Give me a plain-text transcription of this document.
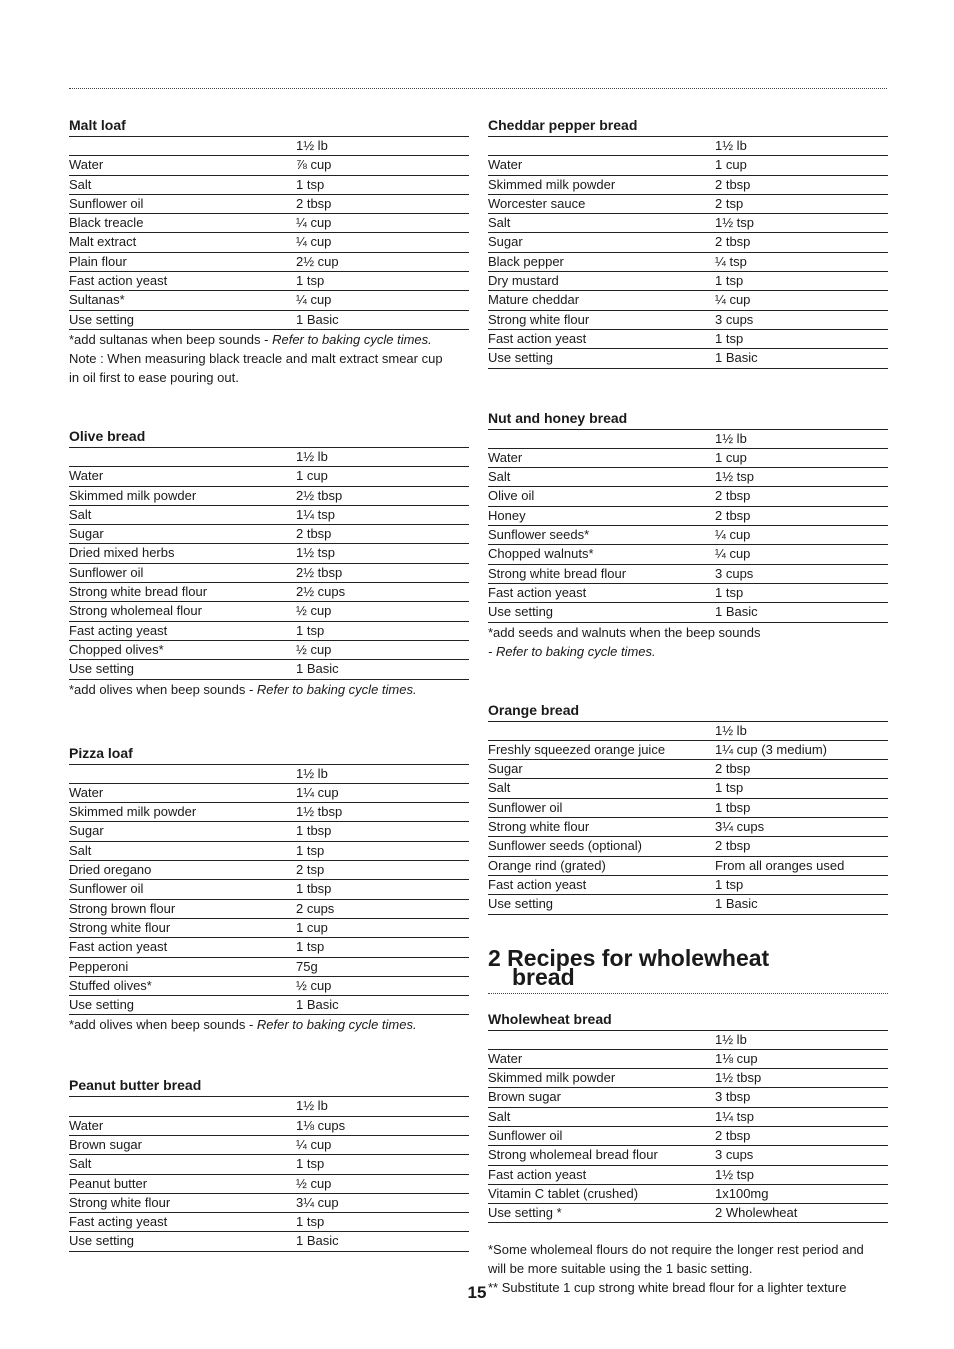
Malt loaf
1½ lb
Water	⅞ cup
Salt	1 tsp
Sunflower oil	2 tbsp
Black treacle	¼ cup
Malt extract	¼ cup
Plain flour	2½ cup
Fast action yeast	1 tsp
Sultanas*	¼ cup
Use setting	1 Basic
*add sultanas when beep sounds - Refer to baking cycle times.
Note : When measuring black treacle and malt extract smear cup
in oil first to ease pouring out.
Olive bread
1½ lb
Water	1 cup
Skimmed milk powder	2½ tbsp
Salt	1¼ tsp
Sugar	2 tbsp
Dried mixed herbs	1½ tsp
Sunflower oil	2½ tbsp
Strong white bread flour	2½ cups
Strong wholemeal flour	½ cup
Fast acting yeast	1 tsp
Chopped olives*	½ cup
Use setting	1 Basic
*add olives when beep sounds - Refer to baking cycle times.
Pizza loaf
1½ lb
Water	1¼ cup
Skimmed milk powder	1½ tbsp
Sugar	1 tbsp
Salt	1 tsp
Dried oregano	2 tsp
Sunflower oil	1 tbsp
Strong brown flour	2 cups
Strong white flour	1 cup
Fast action yeast	1 tsp
Pepperoni	75g
Stuffed olives*	½ cup
Use setting	1 Basic
*add olives when beep sounds - Refer to baking cycle times.
Peanut butter bread
1½ lb
Water	1⅛ cups
Brown sugar	¼ cup
Salt	1 tsp
Peanut butter	½ cup
Strong white flour	3¼ cup
Fast acting yeast	1 tsp
Use setting	1 Basic
Cheddar pepper bread
1½ lb
Water	1 cup
Skimmed milk powder	2 tbsp
Worcester sauce	2 tsp
Salt	1½ tsp
Sugar	2 tbsp
Black pepper	¼ tsp
Dry mustard	1 tsp
Mature cheddar	¼ cup
Strong white flour	3 cups
Fast action yeast	1 tsp
Use setting	1 Basic
Nut and honey bread
1½ lb
Water	1 cup
Salt	1½ tsp
Olive oil	2 tbsp
Honey	2 tbsp
Sunflower seeds*	¼ cup
Chopped walnuts*	¼ cup
Strong white bread flour	3 cups
Fast action yeast	1 tsp
Use setting	1 Basic
*add seeds and walnuts when the beep sounds
- Refer to baking cycle times.
Orange bread
1½ lb
Freshly squeezed orange juice	1¼ cup (3 medium)
Sugar	2 tbsp
Salt	1 tsp
Sunflower oil	1 tbsp
Strong white flour	3¼ cups
Sunflower seeds (optional)	2 tbsp
Orange rind (grated)	From all oranges used
Fast action yeast	1 tsp
Use setting	1 Basic
2 Recipes for wholewheat
bread
Wholewheat bread
1½ lb
Water	1⅛ cup
Skimmed milk powder	1½ tbsp
Brown sugar	3 tbsp
Salt	1¼ tsp
Sunflower oil	2 tbsp
Strong wholemeal bread flour	3 cups
Fast action yeast	1½ tsp
Vitamin C tablet (crushed)	1x100mg
Use setting *	2 Wholewheat
*Some wholemeal flours do not require the longer rest period and
will be more suitable using the 1 basic setting.
** Substitute 1 cup strong white bread flour for a lighter texture
15
